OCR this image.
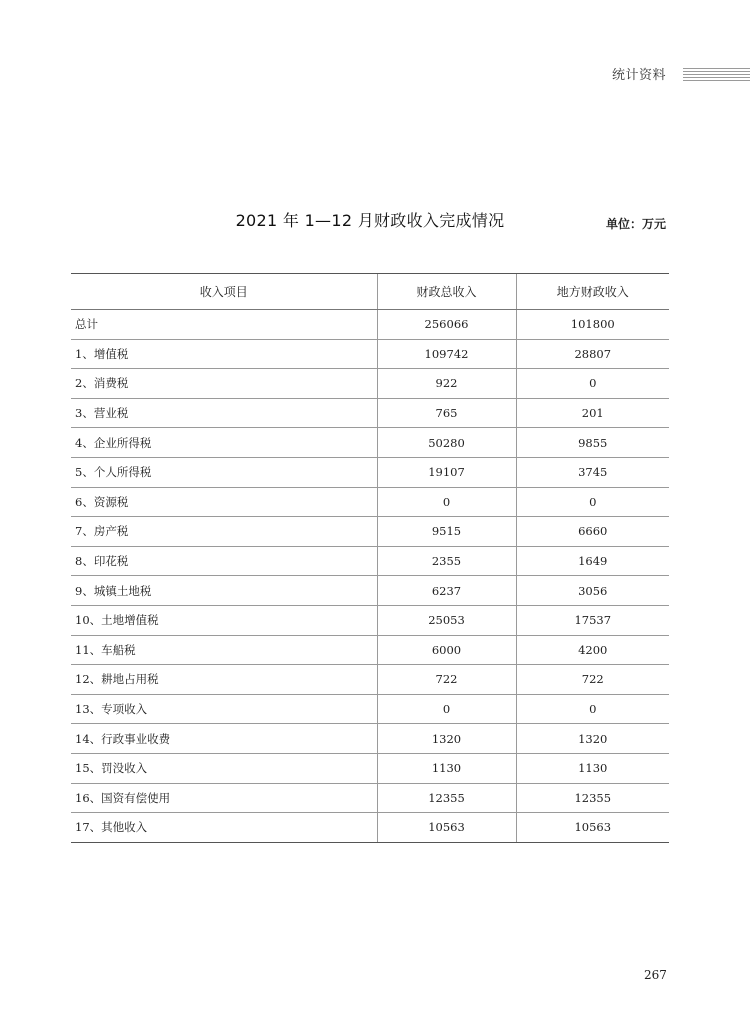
统计资料
2021 年 1—12 月财政收入完成情况	单位：万元
收入项目	财政总收入	地方财政收入
总计	256066	101800
1、增值税	109742	28807
2、消费税	922	0
3、营业税	765	201
4、企业所得税	50280	9855
5、个人所得税	19107	3745
6、资源税	0	0
7、房产税	9515	6660
8、印花税	2355	1649
9、城镇土地税	6237	3056
10、土地增值税	25053	17537
11、车船税	6000	4200
12、耕地占用税	722	722
13、专项收入	0	0
14、行政事业收费	1320	1320
15、罚没收入	1130	1130
16、国资有偿使用	12355	12355
17、其他收入	10563	10563
267
